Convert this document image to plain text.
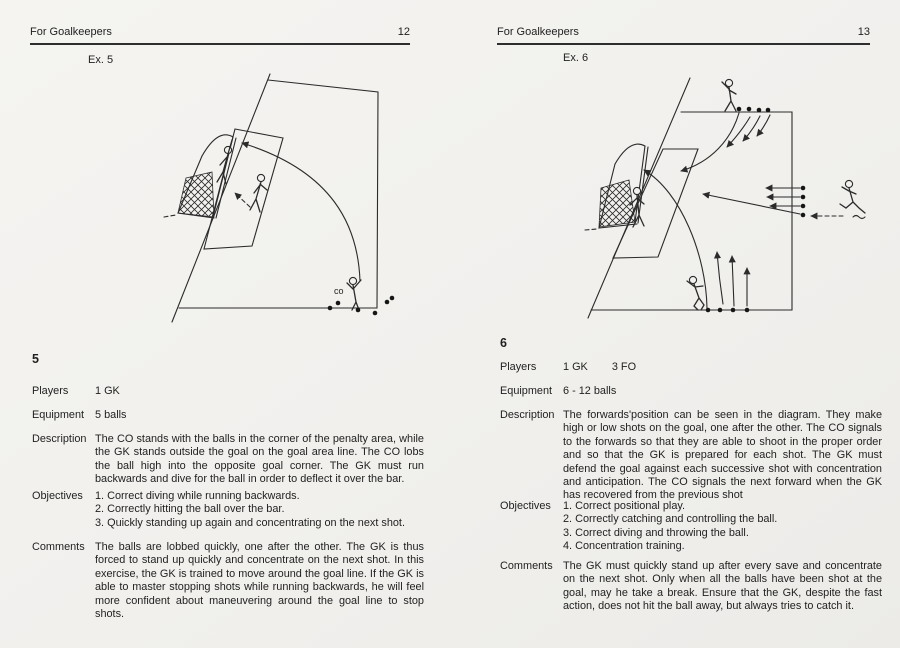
For Goalkeepers	12
Ex. 5
co
5
Players	1 GK
Equipment	5 balls
Description The CO stands with the balls in the corner of the penalty area, while the GK stands outside the goal on the goal area line. The CO lobs the ball high into the opposite goal corner. The GK must run backwards and dive for the ball in order to deflect it over the bar.
Objectives	1. Correct diving while running backwards.
2. Correctly hitting the ball over the bar.
3. Quickly standing up again and concentrating on the next shot.
Comments The balls are lobbed quickly, one after the other. The GK is thus forced to stand up quickly and concentrate on the next shot. In this exercise, the GK is trained to move around the goal line. If the GK is able to master stopping shots while running backwards, he will feel more confident about maneuvering around the goal line to stop shots.
For Goalkeepers	13
Ex. 6
6
Players	1 GK 3 FO
Equipment	6 - 12 balls
Description The forwards'position can be seen in the diagram. They make high or low shots on the goal, one after the other. The CO signals to the forwards so that they are able to shoot in the proper order and so that the GK is prepared for each shot. The GK must defend the goal against each successive shot with concentration and anticipation. The CO signals the next forward when the GK has recovered from the previous shot
Objectives	1. Correct positional play.
2. Correctly catching and controlling the ball.
3. Correct diving and throwing the ball.
4. Concentration training.
Comments The GK must quickly stand up after every save and concentrate on the next shot. Only when all the balls have been shot at the goal, may he take a break. Ensure that the GK, despite the fast action, does not hit the ball away, but always tries to catch it.
